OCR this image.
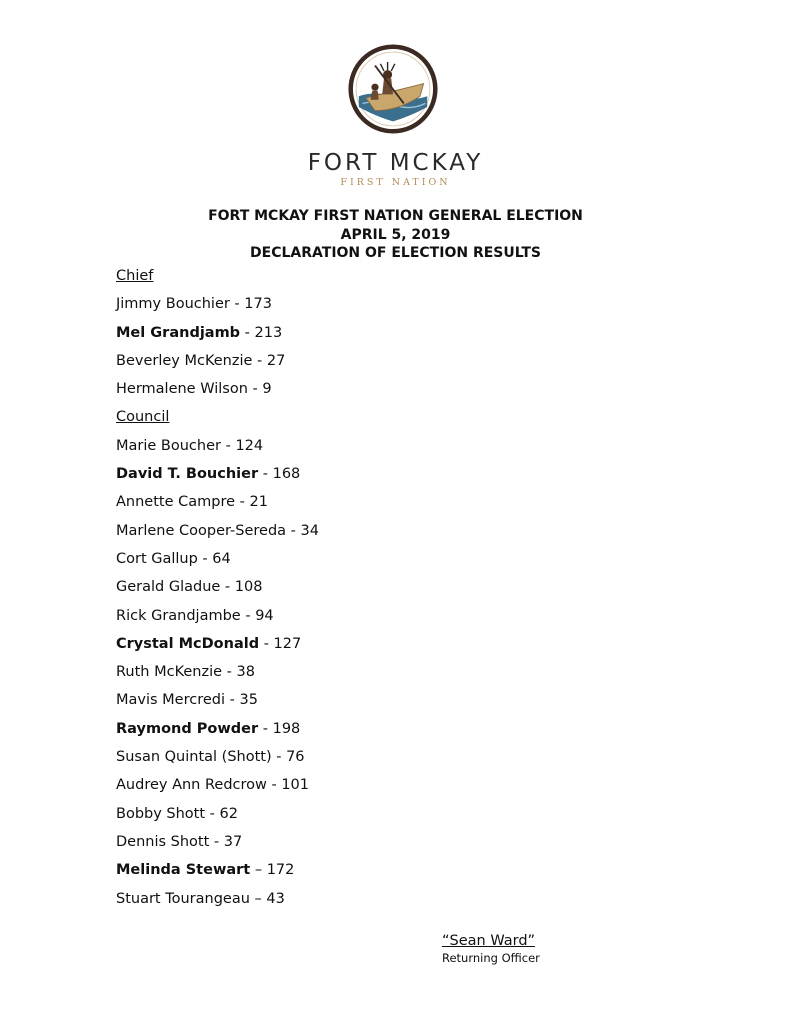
FORT MCKAY
FIRST NATION
FORT MCKAY FIRST NATION GENERAL ELECTION
APRIL 5, 2019
DECLARATION OF ELECTION RESULTS
Chief
Jimmy Bouchier - 173
Mel Grandjamb - 213
Beverley McKenzie - 27
Hermalene Wilson - 9
Council
Marie Boucher - 124
David T. Bouchier - 168
Annette Campre - 21
Marlene Cooper-Sereda - 34
Cort Gallup - 64
Gerald Gladue - 108
Rick Grandjambe - 94
Crystal McDonald - 127
Ruth McKenzie - 38
Mavis Mercredi - 35
Raymond Powder - 198
Susan Quintal (Shott) - 76
Audrey Ann Redcrow - 101
Bobby Shott - 62
Dennis Shott - 37
Melinda Stewart – 172
Stuart Tourangeau – 43
“Sean Ward”
Returning Officer
